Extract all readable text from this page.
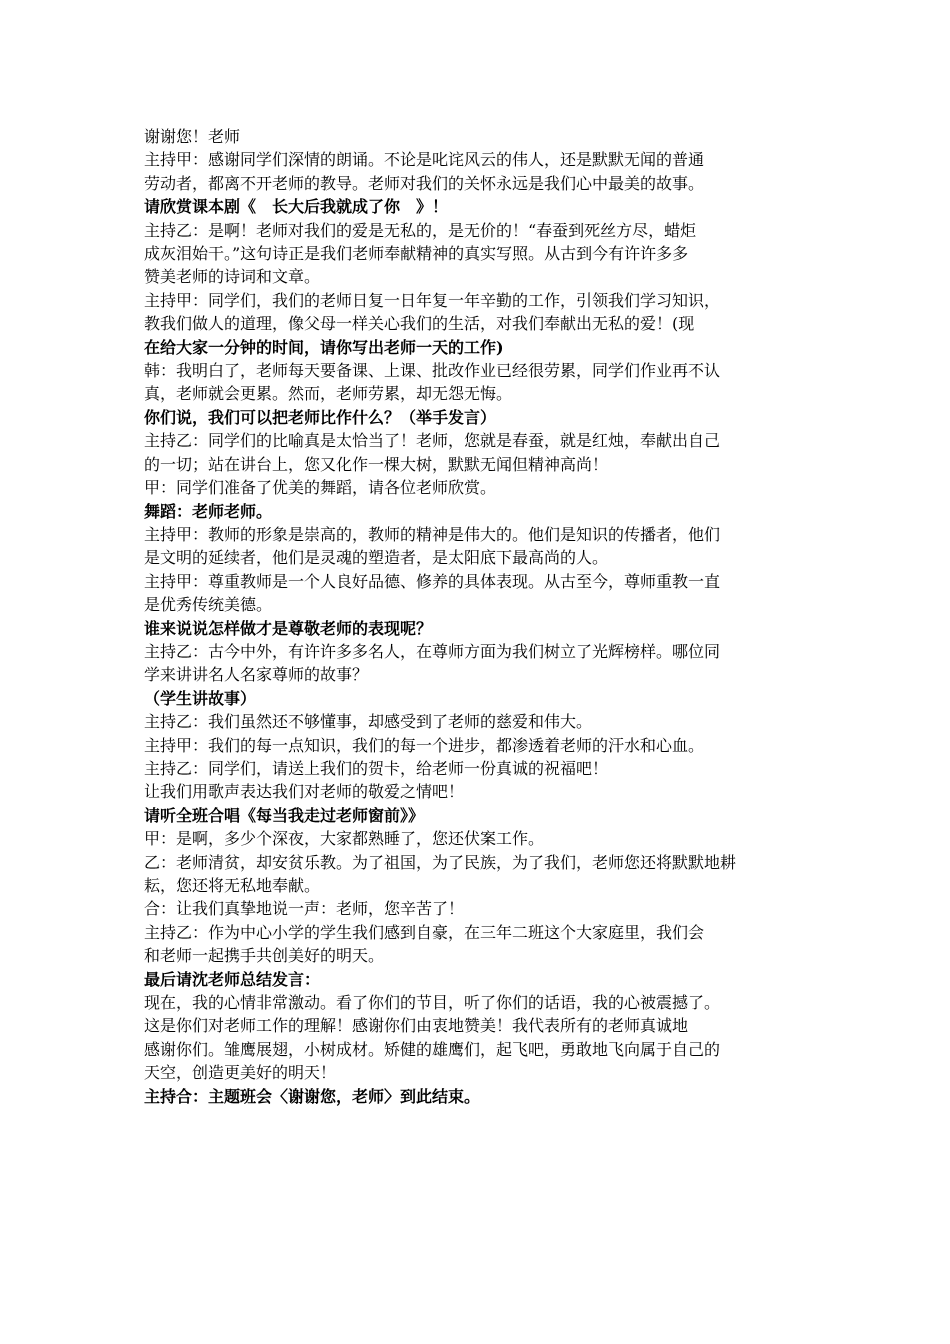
谢谢您！老师
主持甲：感谢同学们深情的朗诵。不论是叱诧风云的伟人，还是默默无闻的普通
劳动者，都离不开老师的教导。老师对我们的关怀永远是我们心中最美的故事。
请欣赏课本剧《　长大后我就成了你　》！
主持乙：是啊！老师对我们的爱是无私的，是无价的！“春蚕到死丝方尽，蜡炬
成灰泪始干。”这句诗正是我们老师奉献精神的真实写照。从古到今有许许多多
赞美老师的诗词和文章。
主持甲：同学们，我们的老师日复一日年复一年辛勤的工作，引领我们学习知识，
教我们做人的道理，像父母一样关心我们的生活，对我们奉献出无私的爱！(现
在给大家一分钟的时间，请你写出老师一天的工作)
韩：我明白了，老师每天要备课、上课、批改作业已经很劳累，同学们作业再不认
真，老师就会更累。然而，老师劳累，却无怨无悔。
你们说，我们可以把老师比作什么？（举手发言）
主持乙：同学们的比喻真是太恰当了！老师，您就是春蚕，就是红烛，奉献出自己
的一切；站在讲台上，您又化作一棵大树，默默无闻但精神高尚！
甲：同学们准备了优美的舞蹈，请各位老师欣赏。
舞蹈：老师老师。
主持甲：教师的形象是崇高的，教师的精神是伟大的。他们是知识的传播者，他们
是文明的延续者，他们是灵魂的塑造者，是太阳底下最高尚的人。
主持甲：尊重教师是一个人良好品德、修养的具体表现。从古至今，尊师重教一直
是优秀传统美德。
谁来说说怎样做才是尊敬老师的表现呢？
主持乙：古今中外，有许许多多名人，在尊师方面为我们树立了光辉榜样。哪位同
学来讲讲名人名家尊师的故事？
（学生讲故事）
主持乙：我们虽然还不够懂事，却感受到了老师的慈爱和伟大。
主持甲：我们的每一点知识，我们的每一个进步，都渗透着老师的汗水和心血。
主持乙：同学们，请送上我们的贺卡，给老师一份真诚的祝福吧！
让我们用歌声表达我们对老师的敬爱之情吧！
请听全班合唱《每当我走过老师窗前》》
甲：是啊，多少个深夜，大家都熟睡了，您还伏案工作。
乙：老师清贫，却安贫乐教。为了祖国，为了民族，为了我们，老师您还将默默地耕
耘，您还将无私地奉献。
合：让我们真挚地说一声：老师，您辛苦了！
主持乙：作为中心小学的学生我们感到自豪，在三年二班这个大家庭里，我们会
和老师一起携手共创美好的明天。
最后请沈老师总结发言：
现在，我的心情非常激动。看了你们的节目，听了你们的话语，我的心被震撼了。
这是你们对老师工作的理解！感谢你们由衷地赞美！我代表所有的老师真诚地
感谢你们。雏鹰展翅，小树成材。矫健的雄鹰们，起飞吧，勇敢地飞向属于自己的
天空，创造更美好的明天！
主持合：主题班会〈谢谢您，老师〉到此结束。
